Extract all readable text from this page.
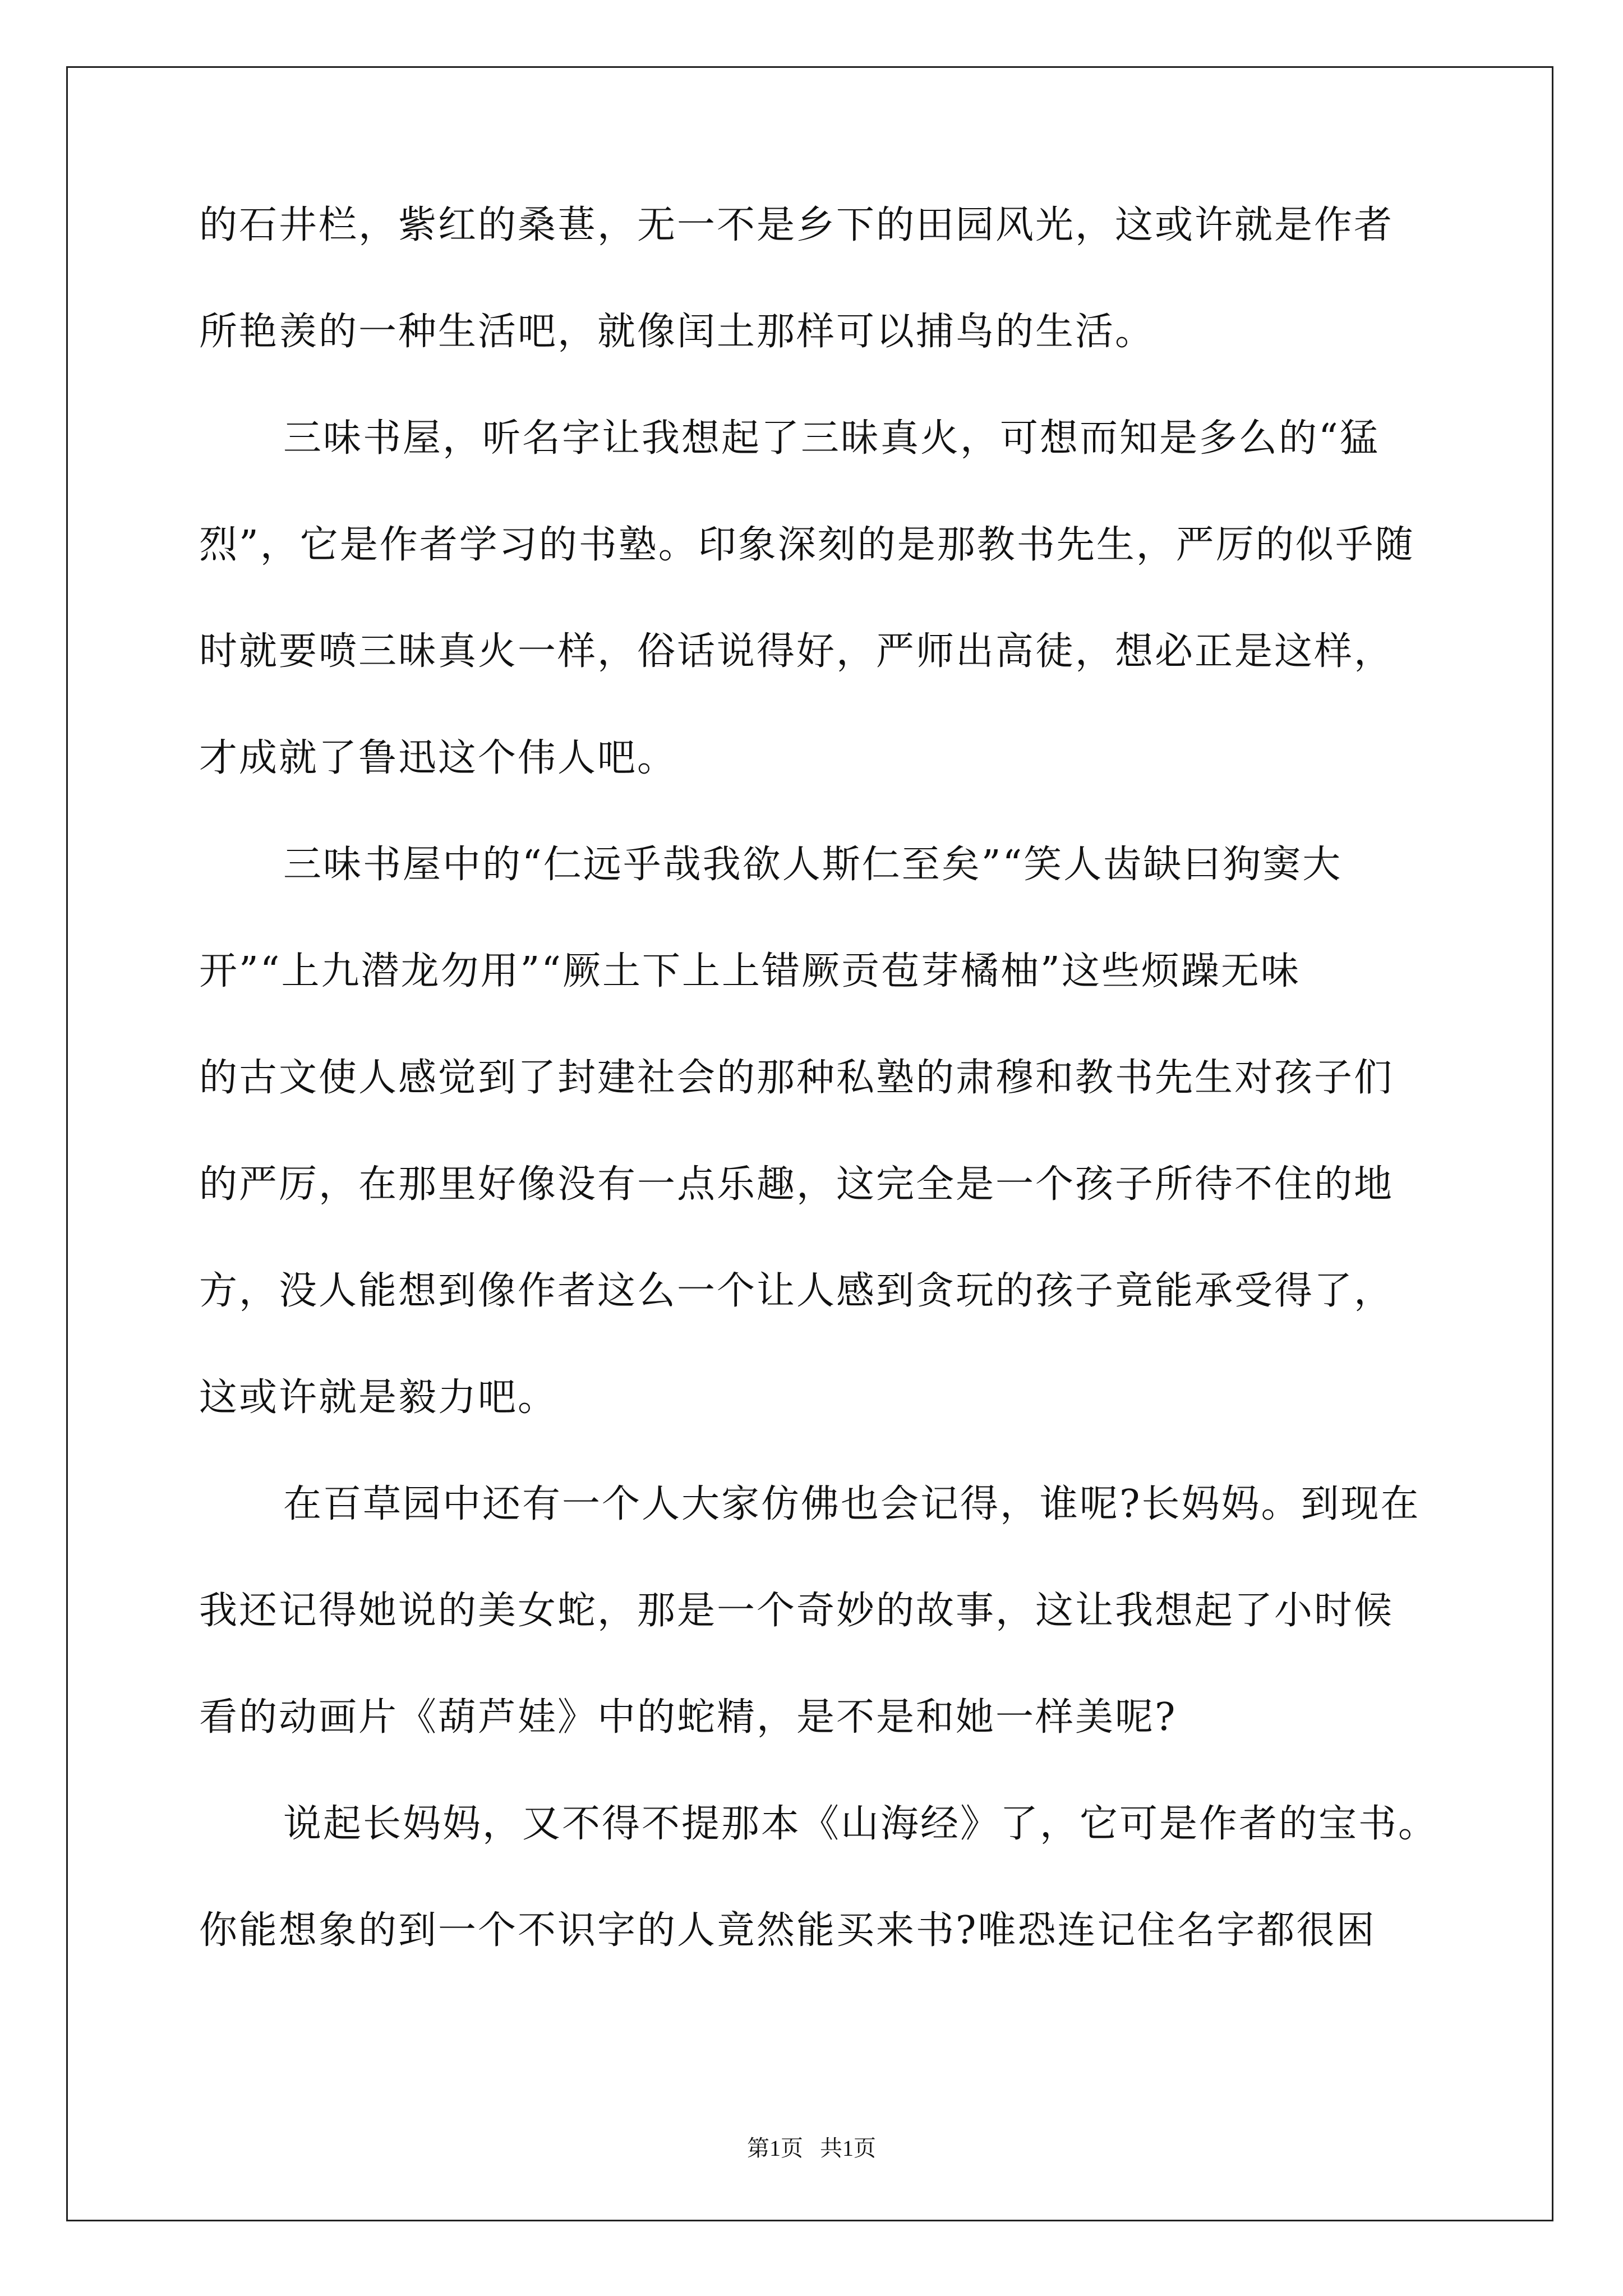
的石井栏，紫红的桑葚，无一不是乡下的田园风光，这或许就是作者
所艳羡的一种生活吧，就像闰土那样可以捕鸟的生活。
三味书屋，听名字让我想起了三昧真火，可想而知是多么的“猛
烈”，它是作者学习的书塾。印象深刻的是那教书先生，严厉的似乎随
时就要喷三昧真火一样，俗话说得好，严师出高徒，想必正是这样，
才成就了鲁迅这个伟人吧。
三味书屋中的“仁远乎哉我欲人斯仁至矣”“笑人齿缺曰狗窦大
开”“上九潜龙勿用”“厥土下上上错厥贡苞芽橘柚”这些烦躁无味
的古文使人感觉到了封建社会的那种私塾的肃穆和教书先生对孩子们
的严厉，在那里好像没有一点乐趣，这完全是一个孩子所待不住的地
方，没人能想到像作者这么一个让人感到贪玩的孩子竟能承受得了，
这或许就是毅力吧。
在百草园中还有一个人大家仿佛也会记得，谁呢?长妈妈。到现在
我还记得她说的美女蛇，那是一个奇妙的故事，这让我想起了小时候
看的动画片《葫芦娃》中的蛇精，是不是和她一样美呢?
说起长妈妈，又不得不提那本《山海经》了，它可是作者的宝书。
你能想象的到一个不识字的人竟然能买来书?唯恐连记住名字都很困
第1页   共1页
